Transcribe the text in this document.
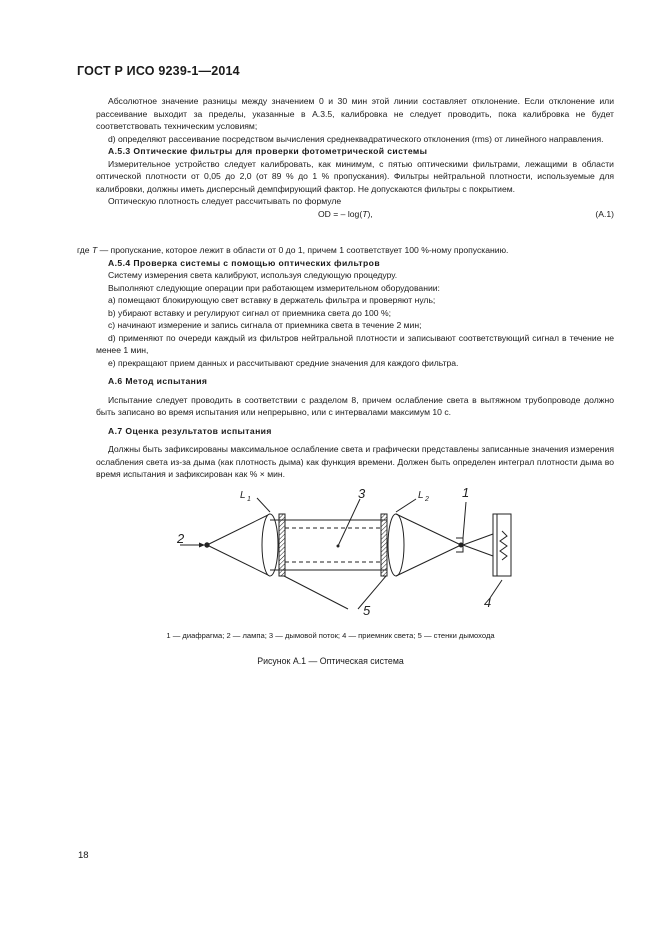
ГОСТ Р ИСО 9239-1—2014

Абсолютное значение разницы между значением 0 и 30 мин этой линии составляет отклонение. Если отклонение или рассеивание выходит за пределы, указанные в А.3.5, калибровка не следует проводить, пока калибровка не будет соответствовать техническим условиям;

d) определяют рассеивание посредством вычисления среднеквадратического отклонения (rms) от линейного направления.

А.5.3 Оптические фильтры для проверки фотометрической системы

Измерительное устройство следует калибровать, как минимум, с пятью оптическими фильтрами, лежащими в области оптической плотности от 0,05 до 2,0 (от 89 % до 1 % пропускания). Фильтры нейтральной плотности, используемые для калибровки, должны иметь дисперсный демпфирующий фактор. Не допускаются фильтры с покрытием.

Оптическую плотность следует рассчитывать по формуле

OD = – log(T),	(А.1)

где T — пропускание, которое лежит в области от 0 до 1, причем 1 соответствует 100 %-ному пропусканию.

А.5.4 Проверка системы с помощью оптических фильтров

Систему измерения света калибруют, используя следующую процедуру.

Выполняют следующие операции при работающем измерительном оборудовании:

а) помещают блокирующую свет вставку в держатель фильтра и проверяют нуль;

b) убирают вставку и регулируют сигнал от приемника света до 100 %;

с) начинают измерение и запись сигнала от приемника света в течение 2 мин;

d) применяют по очереди каждый из фильтров нейтральной плотности и записывают соответствующий сигнал в течение не менее 1 мин,

е) прекращают прием данных и рассчитывают средние значения для каждого фильтра.

А.6 Метод испытания

Испытание следует проводить в соответствии с разделом 8, причем ослабление света в вытяжном трубопроводе должно быть записано во время испытания или непрерывно, или с интервалами максимум 10 с.

А.7 Оценка результатов испытания

Должны быть зафиксированы максимальное ослабление света и графически представлены записанные значения измерения ослабления света из-за дыма (как плотность дыма) как функция времени. Должен быть определен интеграл плотности дыма во время испытания и зафиксирован как % × мин.

2
L 1	3	L 2	1
4
5
1 — диафрагма; 2 — лампа; 3 — дымовой поток; 4 — приемник света; 5 — стенки дымохода
Рисунок А.1 — Оптическая система
18
